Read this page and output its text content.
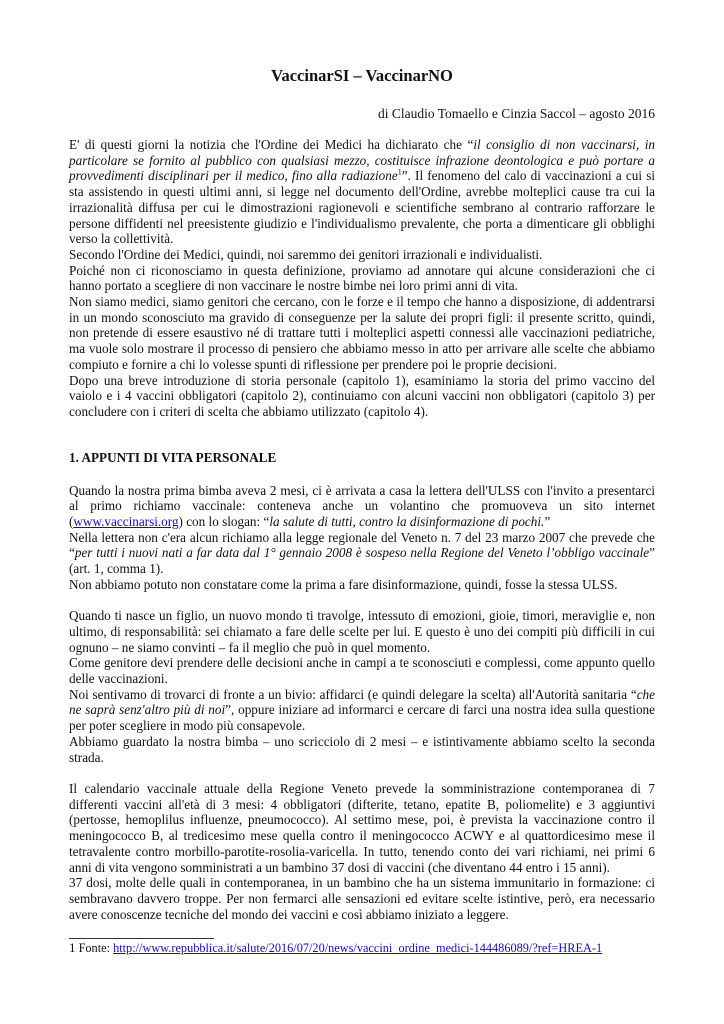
VaccinarSI – VaccinarNO
di Claudio Tomaello e Cinzia Saccol – agosto 2016

E' di questi giorni la notizia che l'Ordine dei Medici ha dichiarato che “il consiglio di non vaccinarsi, in particolare se fornito al pubblico con qualsiasi mezzo, costituisce infrazione deontologica e può portare a provvedimenti disciplinari per il medico, fino alla radiazione$^1$”. Il fenomeno del calo di vaccinazioni a cui si sta assistendo in questi ultimi anni, si legge nel documento dell'Ordine, avrebbe molteplici cause tra cui la irrazionalità diffusa per cui le dimostrazioni ragionevoli e scientifiche sembrano al contrario rafforzare le persone diffidenti nel preesistente giudizio e l'individualismo prevalente, che porta a dimenticare gli obblighi verso la collettività.

Secondo l'Ordine dei Medici, quindi, noi saremmo dei genitori irrazionali e individualisti.

Poiché non ci riconosciamo in questa definizione, proviamo ad annotare qui alcune considerazioni che ci hanno portato a scegliere di non vaccinare le nostre bimbe nei loro primi anni di vita.

Non siamo medici, siamo genitori che cercano, con le forze e il tempo che hanno a disposizione, di addentrarsi in un mondo sconosciuto ma gravido di conseguenze per la salute dei propri figli: il presente scritto, quindi, non pretende di essere esaustivo né di trattare tutti i molteplici aspetti connessi alle vaccinazioni pediatriche, ma vuole solo mostrare il processo di pensiero che abbiamo messo in atto per arrivare alle scelte che abbiamo compiuto e fornire a chi lo volesse spunti di riflessione per prendere poi le proprie decisioni.

Dopo una breve introduzione di storia personale (capitolo 1), esaminiamo la storia del primo vaccino del vaiolo e i 4 vaccini obbligatori (capitolo 2), continuiamo con alcuni vaccini non obbligatori (capitolo 3) per concludere con i criteri di scelta che abbiamo utilizzato (capitolo 4).

1. APPUNTI DI VITA PERSONALE

Quando la nostra prima bimba aveva 2 mesi, ci è arrivata a casa la lettera dell'ULSS con l'invito a presentarci al primo richiamo vaccinale: conteneva anche un volantino che promuoveva un sito internet (www.vaccinarsi.org) con lo slogan: “la salute di tutti, contro la disinformazione di pochi.”

Nella lettera non c'era alcun richiamo alla legge regionale del Veneto n. 7 del 23 marzo 2007 che prevede che “per tutti i nuovi nati a far data dal 1° gennaio 2008 è sospeso nella Regione del Veneto l’obbligo vaccinale” (art. 1, comma 1).

Non abbiamo potuto non constatare come la prima a fare disinformazione, quindi, fosse la stessa ULSS.

Quando ti nasce un figlio, un nuovo mondo ti travolge, intessuto di emozioni, gioie, timori, meraviglie e, non ultimo, di responsabilità: sei chiamato a fare delle scelte per lui. E questo è uno dei compiti più difficili in cui ognuno – ne siamo convinti – fa il meglio che può in quel momento.

Come genitore devi prendere delle decisioni anche in campi a te sconosciuti e complessi, come appunto quello delle vaccinazioni.

Noi sentivamo di trovarci di fronte a un bivio: affidarci (e quindi delegare la scelta) all'Autorità sanitaria “che ne saprà senz'altro più di noi”, oppure iniziare ad informarci e cercare di farci una nostra idea sulla questione per poter scegliere in modo più consapevole.

Abbiamo guardato la nostra bimba – uno scricciolo di 2 mesi – e istintivamente abbiamo scelto la seconda strada.

Il calendario vaccinale attuale della Regione Veneto prevede la somministrazione contemporanea di 7 differenti vaccini all'età di 3 mesi: 4 obbligatori (difterite, tetano, epatite B, poliomelite) e 3 aggiuntivi (pertosse, hemoplilus influenze, pneumococco). Al settimo mese, poi, è prevista la vaccinazione contro il meningococco B, al tredicesimo mese quella contro il meningococco ACWY e al quattordicesimo mese il tetravalente contro morbillo-parotite-rosolia-varicella. In tutto, tenendo conto dei vari richiami, nei primi 6 anni di vita vengono somministrati a un bambino 37 dosi di vaccini (che diventano 44 entro i 15 anni).

37 dosi, molte delle quali in contemporanea, in un bambino che ha un sistema immunitario in formazione: ci sembravano davvero troppe. Per non fermarci alle sensazioni ed evitare scelte istintive, però, era necessario avere conoscenze tecniche del mondo dei vaccini e così abbiamo iniziato a leggere.

1 Fonte: http://www.repubblica.it/salute/2016/07/20/news/vaccini_ordine_medici-144486089/?ref=HREA-1
